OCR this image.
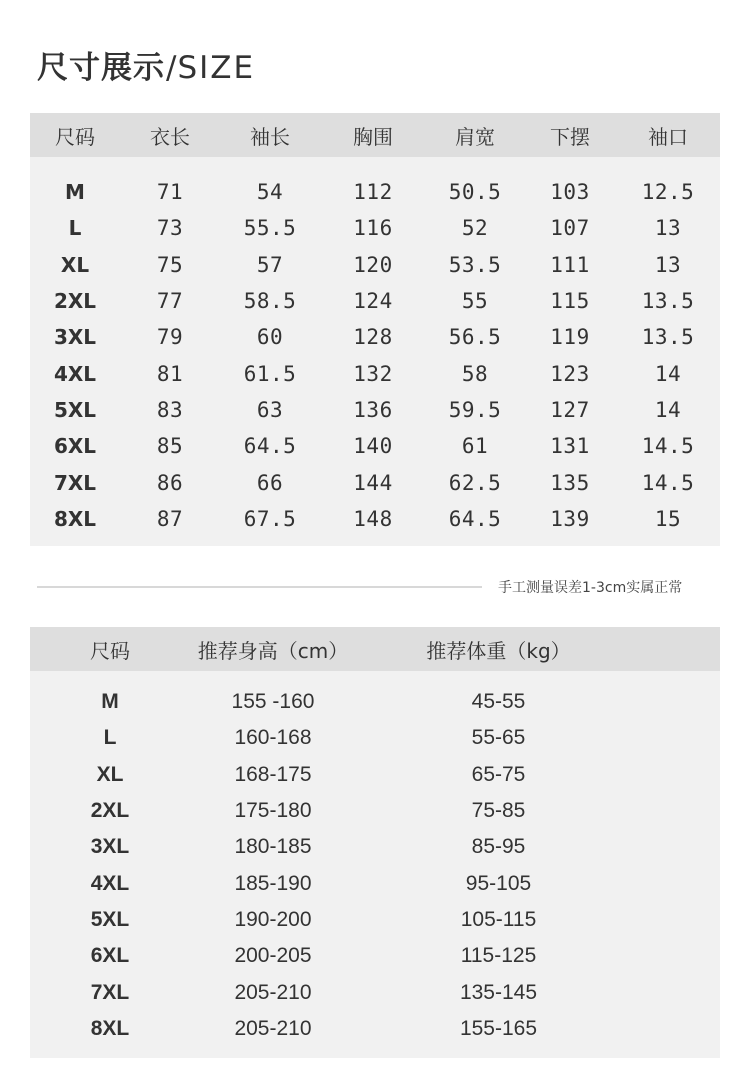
尺寸展示/SIZE
尺码	衣长	袖长	胸围	肩宽	下摆	袖口
M	71	54	112	50.5	103	12.5
L	73	55.5	116	52	107	13
XL	75	57	120	53.5	111	13
2XL	77	58.5	124	55	115	13.5
3XL	79	60	128	56.5	119	13.5
4XL	81	61.5	132	58	123	14
5XL	83	63	136	59.5	127	14
6XL	85	64.5	140	61	131	14.5
7XL	86	66	144	62.5	135	14.5
8XL	87	67.5	148	64.5	139	15
手工测量误差1-3cm实属正常
尺码	推荐身高（cm）	推荐体重（kg）
M	155 -160	45-55
L	160-168	55-65
XL	168-175	65-75
2XL	175-180	75-85
3XL	180-185	85-95
4XL	185-190	95-105
5XL	190-200	105-115
6XL	200-205	115-125
7XL	205-210	135-145
8XL	205-210	155-165
